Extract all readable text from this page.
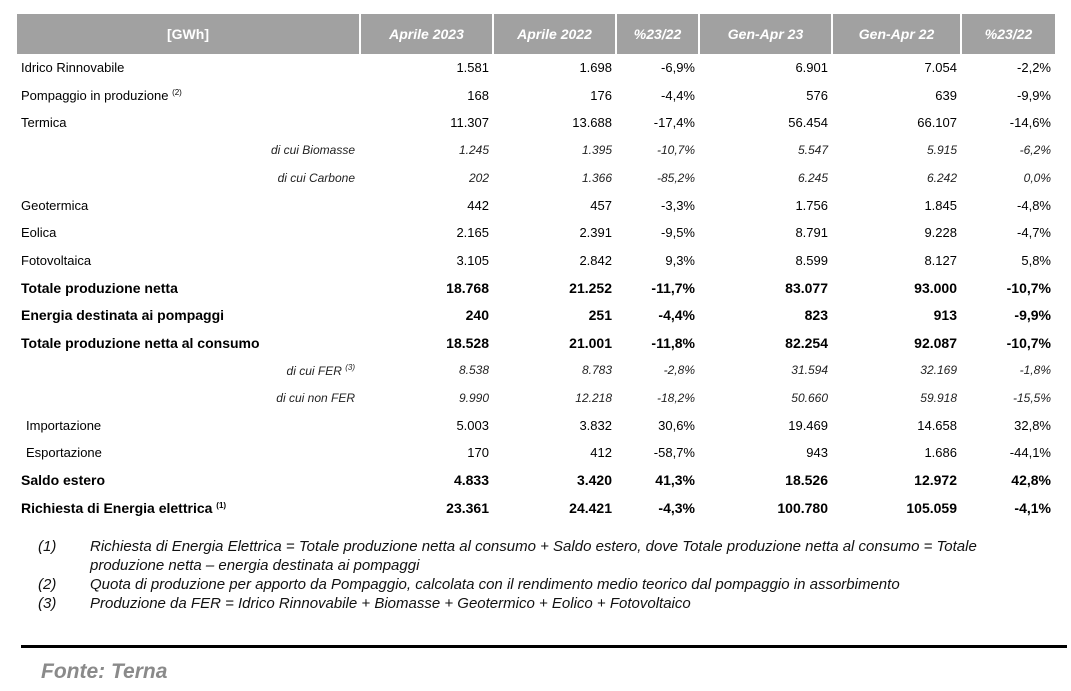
[GWh]	Aprile 2023	Aprile 2022	%23/22	Gen-Apr 23	Gen-Apr 22	%23/22
Idrico Rinnovabile	1.581	1.698	-6,9%	6.901	7.054	-2,2%
Pompaggio in produzione $^{(2)}$	168	176	-4,4%	576	639	-9,9%
Termica	11.307	13.688	-17,4%	56.454	66.107	-14,6%
di cui Biomasse	1.245	1.395	-10,7%	5.547	5.915	-6,2%
di cui Carbone	202	1.366	-85,2%	6.245	6.242	0,0%
Geotermica	442	457	-3,3%	1.756	1.845	-4,8%
Eolica	2.165	2.391	-9,5%	8.791	9.228	-4,7%
Fotovoltaica	3.105	2.842	9,3%	8.599	8.127	5,8%
Totale produzione netta	18.768	21.252	-11,7%	83.077	93.000	-10,7%
Energia destinata ai pompaggi	240	251	-4,4%	823	913	-9,9%
Totale produzione netta al consumo	18.528	21.001	-11,8%	82.254	92.087	-10,7%
di cui FER $^{(3)}$	8.538	8.783	-2,8%	31.594	32.169	-1,8%
di cui non FER	9.990	12.218	-18,2%	50.660	59.918	-15,5%
Importazione	5.003	3.832	30,6%	19.469	14.658	32,8%
Esportazione	170	412	-58,7%	943	1.686	-44,1%
Saldo estero	4.833	3.420	41,3%	18.526	12.972	42,8%
Richiesta di Energia elettrica $^{(1)}$	23.361	24.421	-4,3%	100.780	105.059	-4,1%
(1)	Richiesta di Energia Elettrica = Totale produzione netta al consumo + Saldo estero, dove Totale produzione netta al consumo = Totale produzione netta – energia destinata ai pompaggi
(2)	Quota di produzione per apporto da Pompaggio, calcolata con il rendimento medio teorico dal pompaggio in assorbimento
(3)	Produzione da FER = Idrico Rinnovabile + Biomasse + Geotermico + Eolico + Fotovoltaico
Fonte: Terna
